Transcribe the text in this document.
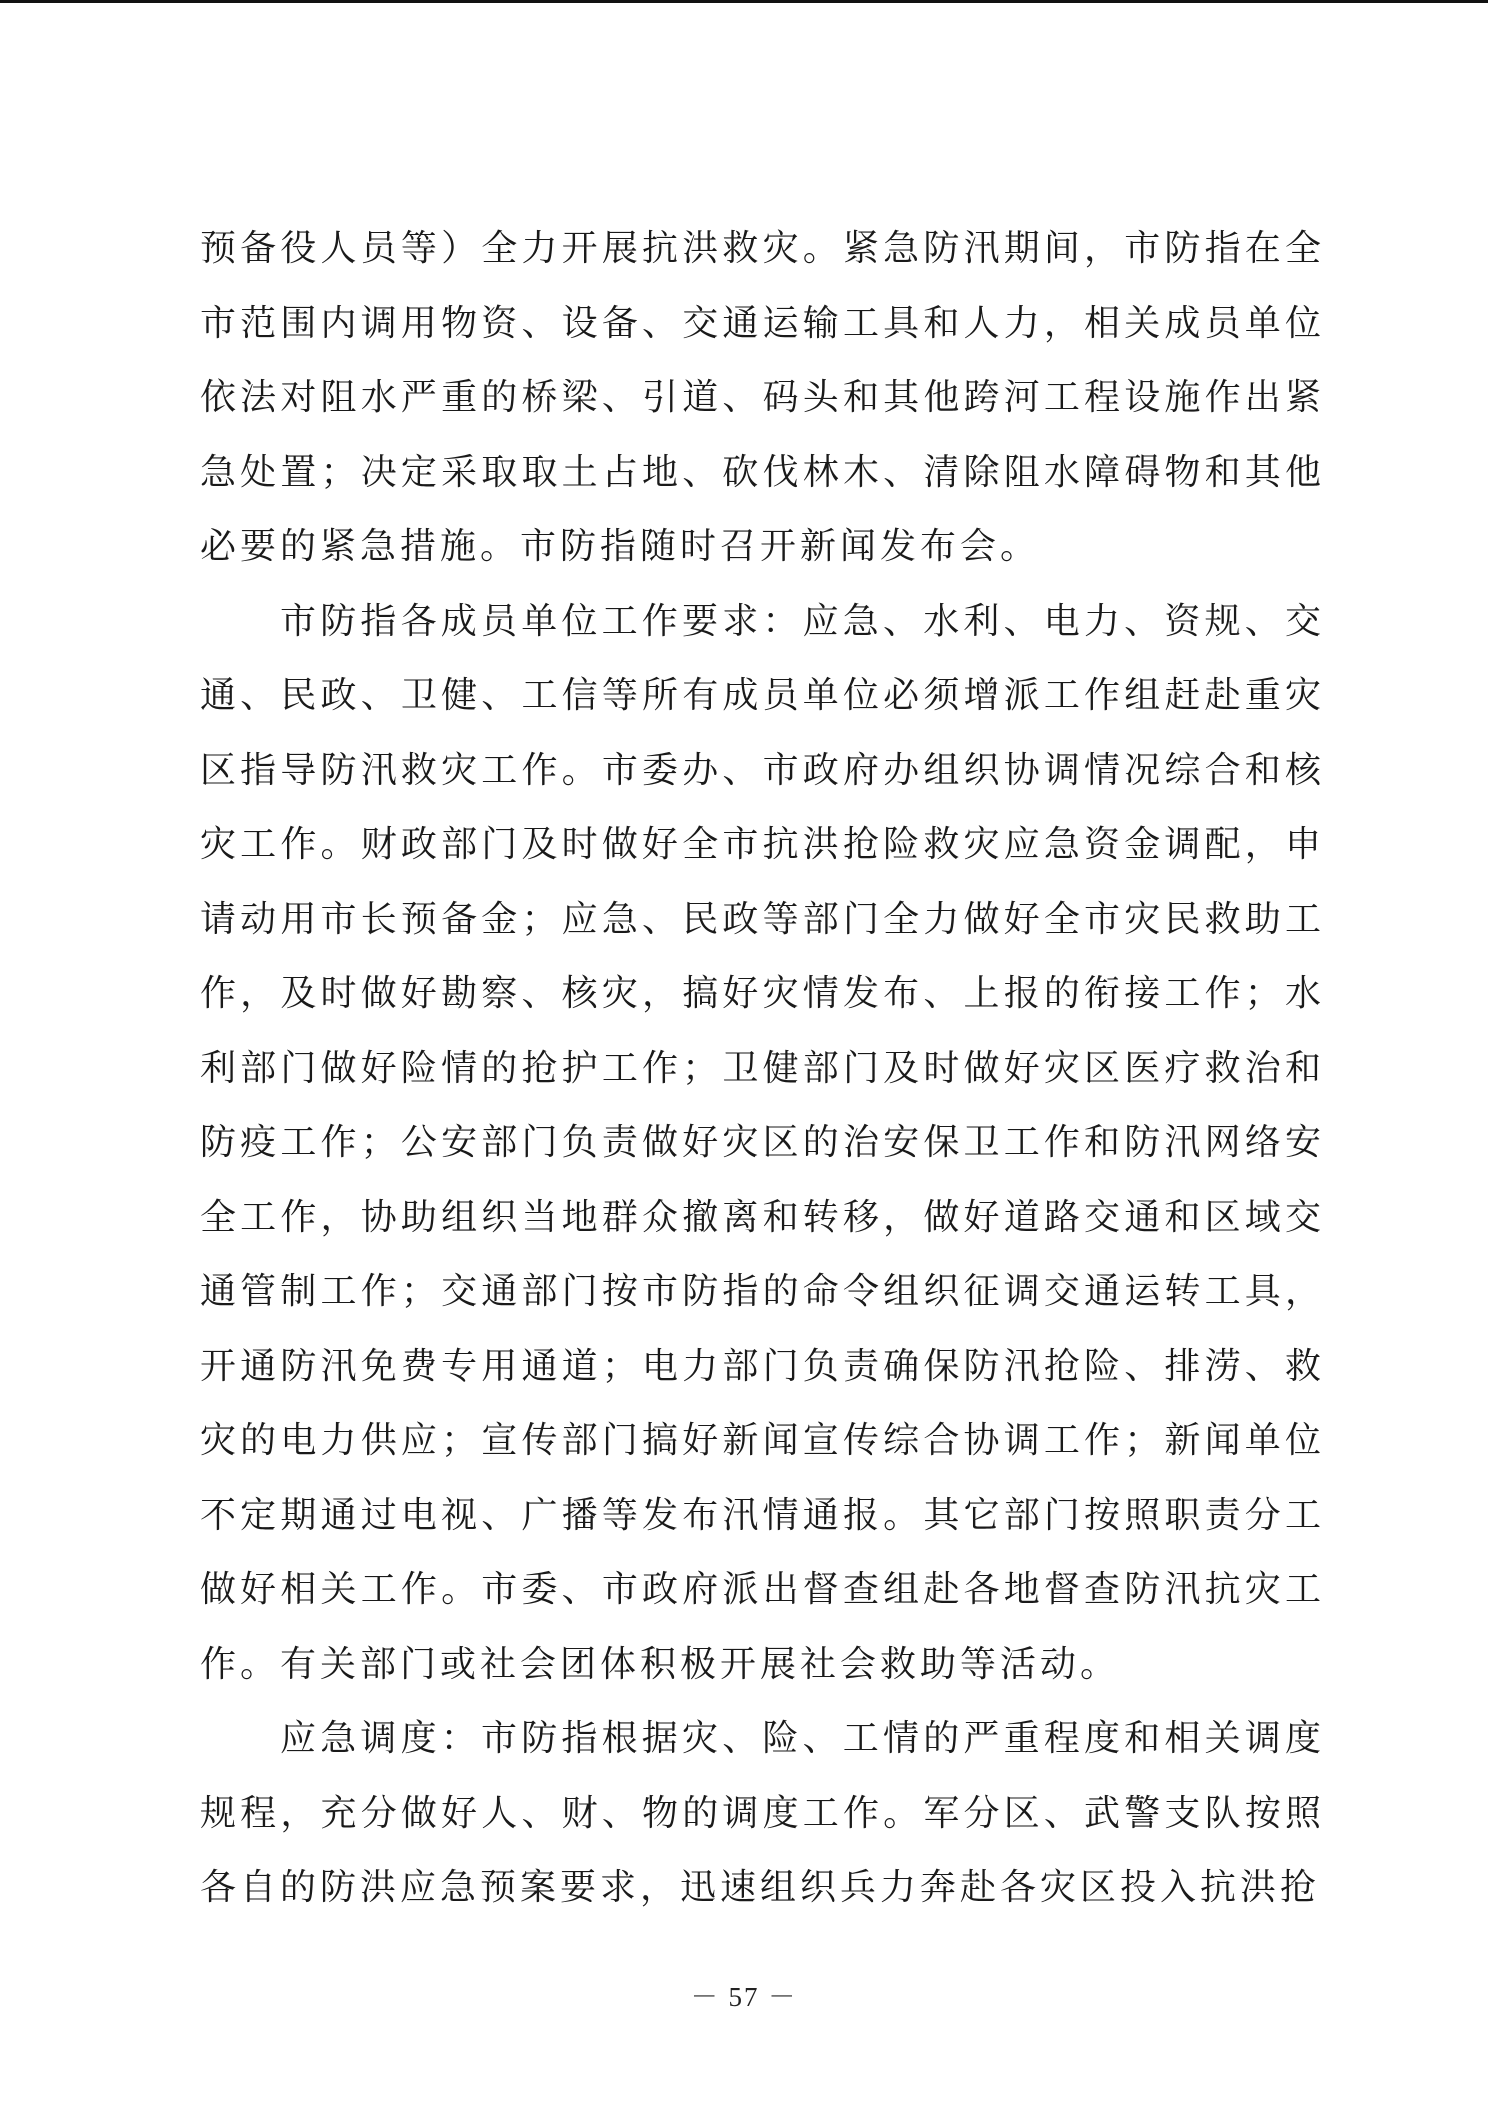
预备役人员等）全力开展抗洪救灾。紧急防汛期间，市防指在全市范围内调用物资、设备、交通运输工具和人力，相关成员单位依法对阻水严重的桥梁、引道、码头和其他跨河工程设施作出紧急处置；决定采取取土占地、砍伐林木、清除阻水障碍物和其他必要的紧急措施。市防指随时召开新闻发布会。

市防指各成员单位工作要求：应急、水利、电力、资规、交通、民政、卫健、工信等所有成员单位必须增派工作组赶赴重灾区指导防汛救灾工作。市委办、市政府办组织协调情况综合和核灾工作。财政部门及时做好全市抗洪抢险救灾应急资金调配，申请动用市长预备金；应急、民政等部门全力做好全市灾民救助工作，及时做好勘察、核灾，搞好灾情发布、上报的衔接工作；水利部门做好险情的抢护工作；卫健部门及时做好灾区医疗救治和防疫工作；公安部门负责做好灾区的治安保卫工作和防汛网络安全工作，协助组织当地群众撤离和转移，做好道路交通和区域交通管制工作；交通部门按市防指的命令组织征调交通运转工具，开通防汛免费专用通道；电力部门负责确保防汛抢险、排涝、救灾的电力供应；宣传部门搞好新闻宣传综合协调工作；新闻单位不定期通过电视、广播等发布汛情通报。其它部门按照职责分工做好相关工作。市委、市政府派出督查组赴各地督查防汛抗灾工作。有关部门或社会团体积极开展社会救助等活动。

应急调度：市防指根据灾、险、工情的严重程度和相关调度规程，充分做好人、财、物的调度工作。军分区、武警支队按照各自的防洪应急预案要求，迅速组织兵力奔赴各灾区投入抗洪抢

－ 57 －
